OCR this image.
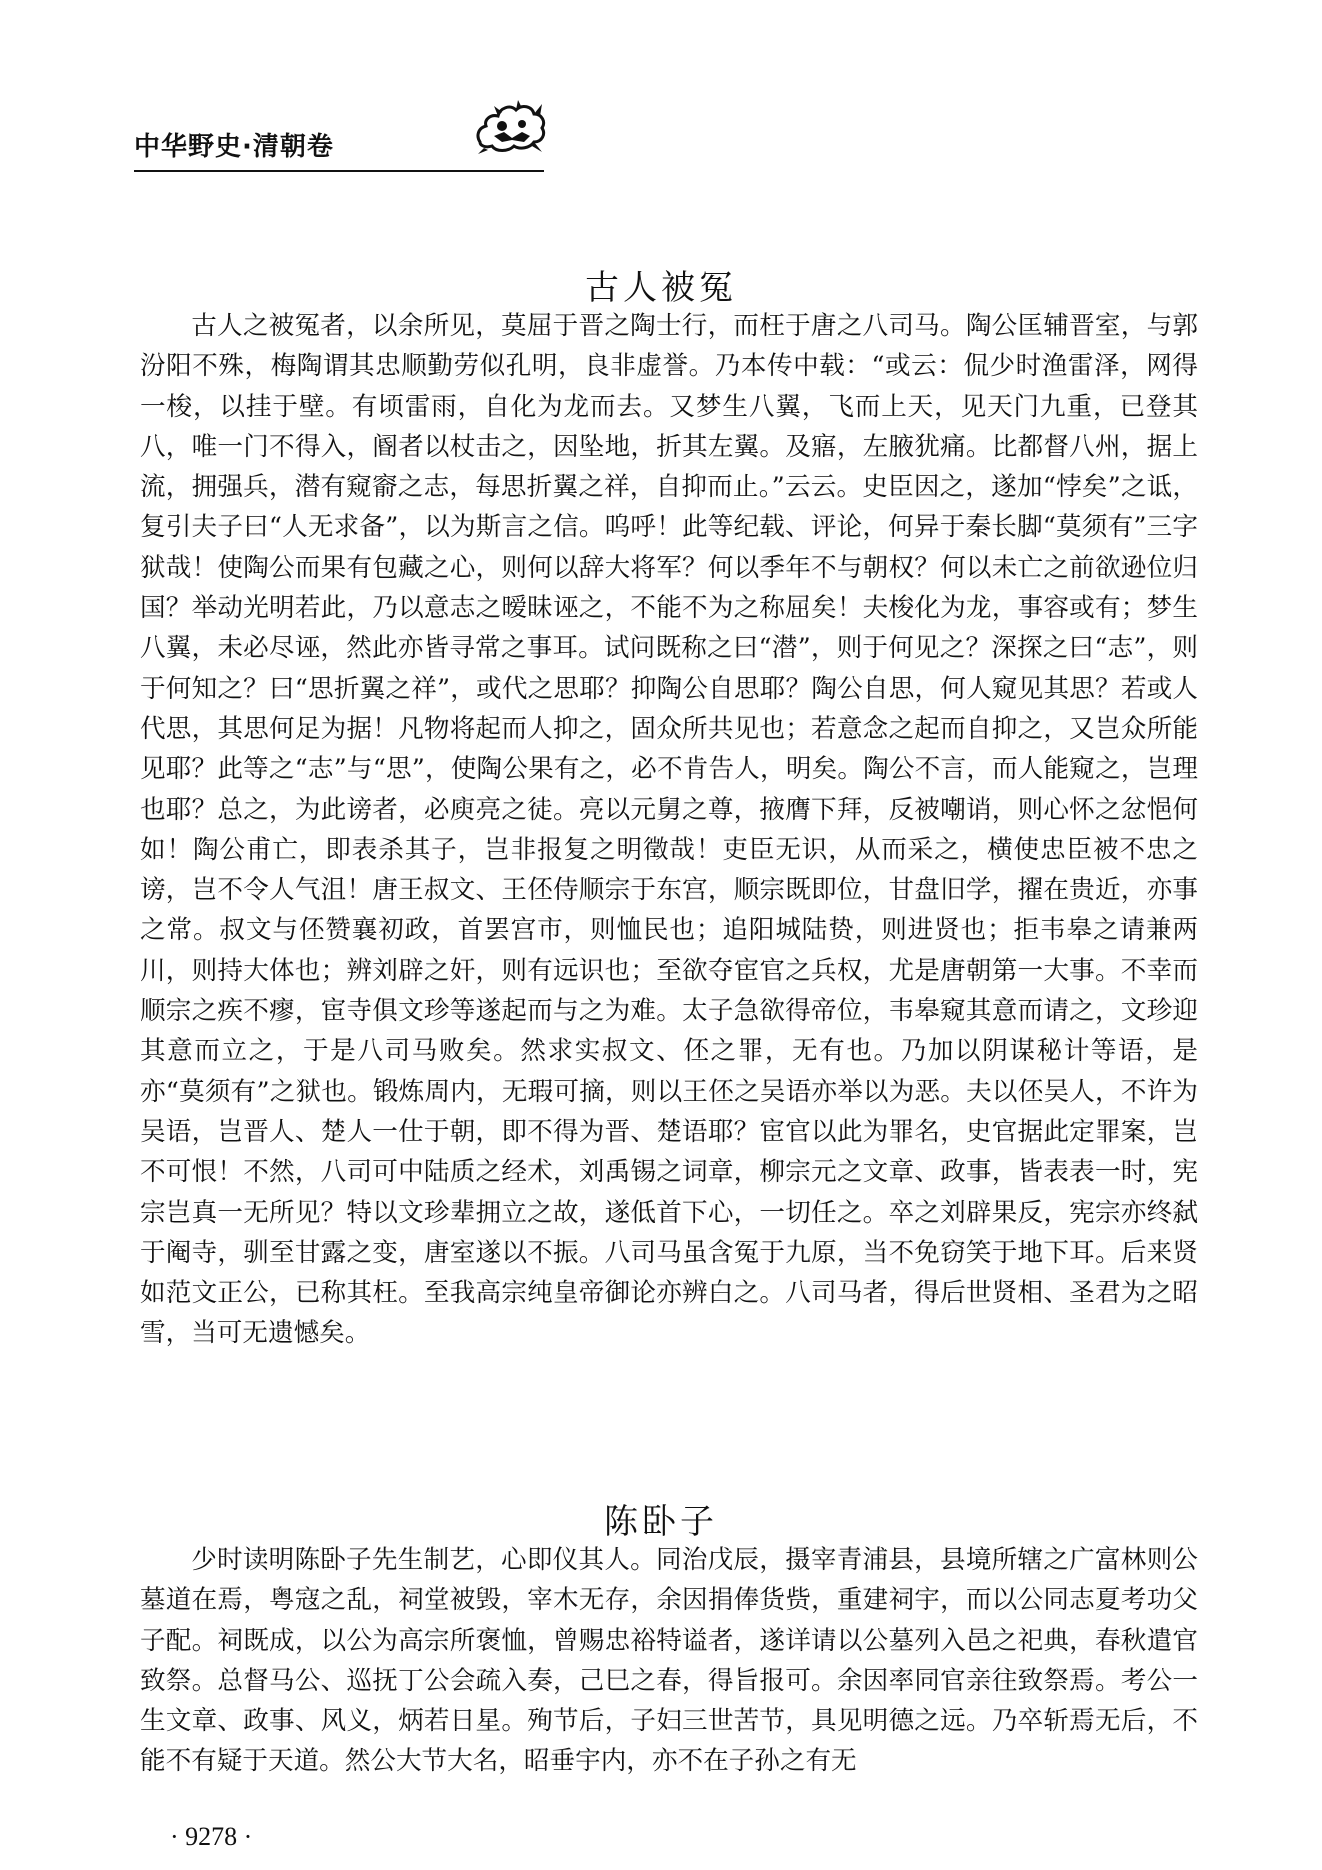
中华野史·清朝卷
古人被冤

古人之被冤者，以余所见，莫屈于晋之陶士行，而枉于唐之八司马。陶公匡辅晋室，与郭汾阳不殊，梅陶谓其忠顺勤劳似孔明，良非虚誉。乃本传中载：“或云：侃少时渔雷泽，网得一梭，以挂于壁。有顷雷雨，自化为龙而去。又梦生八翼，飞而上天，见天门九重，已登其八，唯一门不得入，阍者以杖击之，因坠地，折其左翼。及寤，左腋犹痛。比都督八州，据上流，拥强兵，潜有窥窬之志，每思折翼之祥，自抑而止。”云云。史臣因之，遂加“悖矣”之诋，复引夫子曰“人无求备”，以为斯言之信。呜呼！此等纪载、评论，何异于秦长脚“莫须有”三字狱哉！使陶公而果有包藏之心，则何以辞大将军？何以季年不与朝权？何以未亡之前欲逊位归国？举动光明若此，乃以意志之暧昧诬之，不能不为之称屈矣！夫梭化为龙，事容或有；梦生八翼，未必尽诬，然此亦皆寻常之事耳。试问既称之曰“潜”，则于何见之？深探之曰“志”，则于何知之？曰“思折翼之祥”，或代之思耶？抑陶公自思耶？陶公自思，何人窥见其思？若或人代思，其思何足为据！凡物将起而人抑之，固众所共见也；若意念之起而自抑之，又岂众所能见耶？此等之“志”与“思”，使陶公果有之，必不肯告人，明矣。陶公不言，而人能窥之，岂理也耶？总之，为此谤者，必庾亮之徒。亮以元舅之尊，掖膺下拜，反被嘲诮，则心怀之忿悒何如！陶公甫亡，即表杀其子，岂非报复之明徵哉！吏臣无识，从而采之，横使忠臣被不忠之谤，岂不令人气沮！唐王叔文、王伾侍顺宗于东宫，顺宗既即位，甘盘旧学，擢在贵近，亦事之常。叔文与伾赞襄初政，首罢宫市，则恤民也；追阳城陆贽，则进贤也；拒韦皋之请兼两川，则持大体也；辨刘辟之奸，则有远识也；至欲夺宦官之兵权，尤是唐朝第一大事。不幸而顺宗之疾不瘳，宦寺俱文珍等遂起而与之为难。太子急欲得帝位，韦皋窥其意而请之，文珍迎其意而立之，于是八司马败矣。然求实叔文、伾之罪，无有也。乃加以阴谋秘计等语，是亦“莫须有”之狱也。锻炼周内，无瑕可摘，则以王伾之吴语亦举以为恶。夫以伾吴人，不许为吴语，岂晋人、楚人一仕于朝，即不得为晋、楚语耶？宦官以此为罪名，史官据此定罪案，岂不可恨！不然，八司可中陆质之经术，刘禹锡之词章，柳宗元之文章、政事，皆表表一时，宪宗岂真一无所见？特以文珍辈拥立之故，遂低首下心，一切任之。卒之刘辟果反，宪宗亦终弑于阉寺，驯至甘露之变，唐室遂以不振。八司马虽含冤于九原，当不免窃笑于地下耳。后来贤如范文正公，已称其枉。至我高宗纯皇帝御论亦辨白之。八司马者，得后世贤相、圣君为之昭雪，当可无遗憾矣。

陈卧子

少时读明陈卧子先生制艺，心即仪其人。同治戊辰，摄宰青浦县，县境所辖之广富林则公墓道在焉，粤寇之乱，祠堂被毁，宰木无存，余因捐俸货赀，重建祠宇，而以公同志夏考功父子配。祠既成，以公为高宗所褒恤，曾赐忠裕特谥者，遂详请以公墓列入邑之祀典，春秋遣官致祭。总督马公、巡抚丁公会疏入奏，己巳之春，得旨报可。余因率同官亲往致祭焉。考公一生文章、政事、风义，炳若日星。殉节后，子妇三世苦节，具见明德之远。乃卒斩焉无后，不能不有疑于天道。然公大节大名，昭垂宇内，亦不在子孙之有无

· 9278 ·
